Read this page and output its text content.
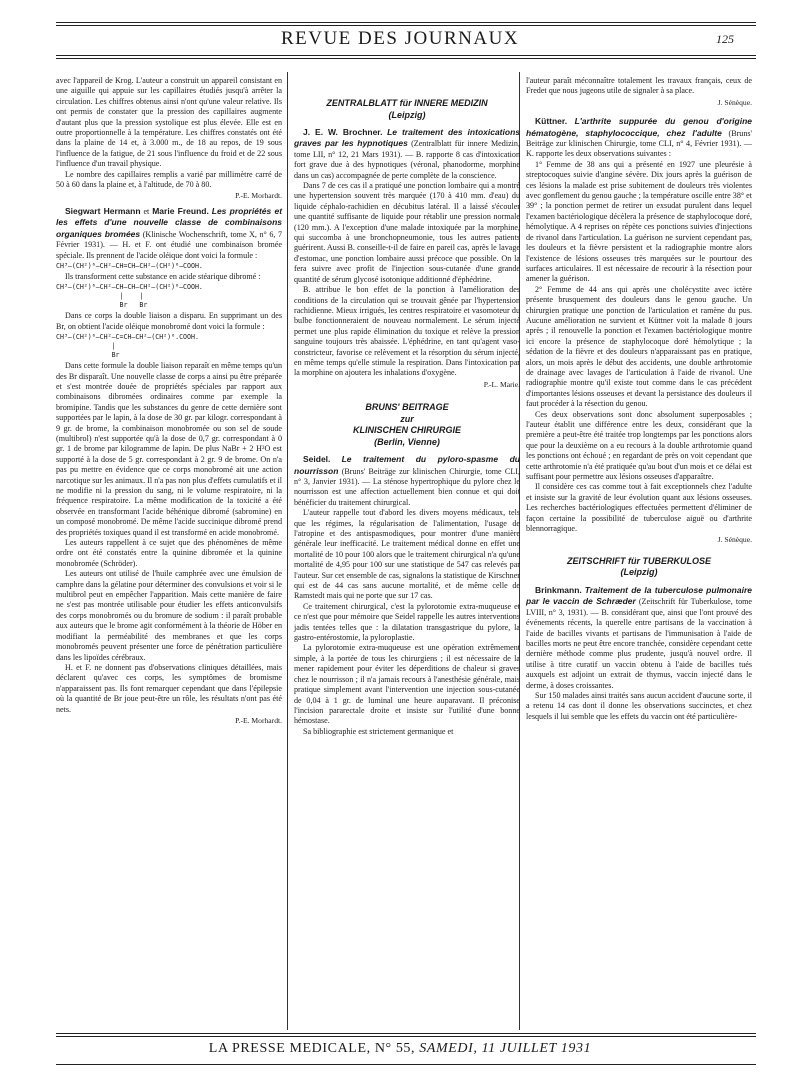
REVUE DES JOURNAUX	125

avec l'appareil de Krog. L'auteur a construit un appareil consistant en une aiguille qui appuie sur les capillaires étudiés jusqu'à arrêter la circulation. Les chiffres obtenus ainsi n'ont qu'une valeur relative. Ils ont permis de constater que la pression des capillaires augmente d'autant plus que la pression systolique est plus élevée. Elle est en outre proportionnelle à la température. Les chiffres constatés ont été dans la plaine de 14 et, à 3.000 m., de 18 au repos, de 19 sous l'influence de la fatigue, de 21 sous l'influence du froid et de 22 sous l'influence d'un travail physique.

Le nombre des capillaires remplis a varié par millimètre carré de 50 à 60 dans la plaine et, à l'altitude, de 70 à 80.

P.-E. Morhardt.

Siegwart Hermann et Marie Freund. Les propriétés et les effets d'une nouvelle classe de combinaisons organiques bromées (Klinische Wochenschrift, tome X, n° 6, 7 Février 1931). — H. et F. ont étudié une combinaison bromée spéciale. Ils prennent de l'acide oléique dont voici la formule :

CH³—(CH²)⁶—CH²—CH=CH—CH²—(CH²)⁶—COOH.

Ils transforment cette substance en acide stéarique dibromé :

CH³—(CH²)⁶—CH²—CH—CH—CH²—(CH²)⁶—COOH.
|    |
Br   Br

Dans ce corps la double liaison a disparu. En supprimant un des Br, on obtient l'acide oléique monobromé dont voici la formule :

CH³—(CH²)⁶—CH²—C=CH—CH²—(CH²)⁶.COOH.
|
Br

Dans cette formule la double liaison reparaît en même temps qu'un des Br disparaît. Une nouvelle classe de corps a ainsi pu être préparée et s'est montrée douée de propriétés spéciales par rapport aux combinaisons dibromées ordinaires comme par exemple la bromipine. Tandis que les substances du genre de cette dernière sont supportées par le lapin, à la dose de 30 gr. par kilogr. correspondant à 9 gr. de brome, la combinaison monobromée ou son sel de soude (multibrol) n'est supportée qu'à la dose de 0,7 gr. correspondant à 0 gr. 1 de brome par kilogramme de lapin. De plus NaBr + 2 H²O est supporté à la dose de 5 gr. correspondant à 2 gr. 9 de brome. On n'a pas pu mettre en évidence que ce corps monobromé ait une action narcotique sur les animaux. Il n'a pas non plus d'effets cumulatifs et il ne modifie ni la pression du sang, ni le volume respiratoire, ni la fréquence respiratoire. La même modification de la toxicité a été observée en transformant l'acide béhénique dibromé (sabromine) en un composé monobromé. De même l'acide succinique dibromé prend des propriétés toxiques quand il est transformé en acide monobromé.

Les auteurs rappellent à ce sujet que des phénomènes de même ordre ont été constatés entre la quinine dibromée et la quinine monobromée (Schröder).

Les auteurs ont utilisé de l'huile camphrée avec une émulsion de camphre dans la gélatine pour déterminer des convulsions et voir si le multibrol peut en empêcher l'apparition. Mais cette manière de faire ne s'est pas montrée utilisable pour étudier les effets anticonvulsifs des corps monobromés ou du bromure de sodium : il paraît probable aux auteurs que le brome agit conformément à la théorie de Höber en modifiant la perméabilité des membranes et que les corps monobromés peuvent présenter une force de pénétration particulière dans les lipoïdes cérébraux.

H. et F. ne donnent pas d'observations cliniques détaillées, mais déclarent qu'avec ces corps, les symptômes de bromisme n'apparaissent pas. Ils font remarquer cependant que dans l'épilepsie où la quantité de Br joue peut-être un rôle, les résultats n'ont pas été nets.

P.-E. Morhardt.
ZENTRALBLATT für INNERE MEDIZIN
(Leipzig)

J. E. W. Brochner. Le traitement des intoxications graves par les hypnotiques (Zentralblatt für innere Medizin, tome LII, n° 12, 21 Mars 1931). — B. rapporte 8 cas d'intoxication fort grave due à des hypnotiques (véronal, phanodorme, morphine dans un cas) accompagnée de perte complète de la conscience.

Dans 7 de ces cas il a pratiqué une ponction lombaire qui a montré une hypertension souvent très marquée (170 à 410 mm. d'eau) du liquide céphalo-rachidien en décubitus latéral. Il a laissé s'écouler une quantité suffisante de liquide pour rétablir une pression normale (120 mm.). A l'exception d'une malade intoxiquée par la morphine, qui succomba à une bronchopneumonie, tous les autres patients guérirent. Aussi B. conseille-t-il de faire en pareil cas, après le lavage d'estomac, une ponction lombaire aussi précoce que possible. On la fera suivre avec profit de l'injection sous-cutanée d'une grande quantité de sérum glycosé isotonique additionné d'éphédrine.

B. attribue le bon effet de la ponction à l'amélioration des conditions de la circulation qui se trouvait gênée par l'hypertension rachidienne. Mieux irrigués, les centres respiratoire et vasomoteur du bulbe fonctionneraient de nouveau normalement. Le sérum injecté permet une plus rapide élimination du toxique et relève la pression sanguine toujours très abaissée. L'éphédrine, en tant qu'agent vaso-constricteur, favorise ce relèvement et la résorption du sérum injecté, en même temps qu'elle stimule la respiration. Dans l'intoxication par la morphine on ajoutera les inhalations d'oxygène.

P.-L. Marie.
BRUNS' BEITRAGE
zur
KLINISCHEN CHIRURGIE
(Berlin, Vienne)

Seidel. Le traitement du pyloro-spasme du nourrisson (Bruns' Beiträge zur klinischen Chirurgie, tome CLI, n° 3, Janvier 1931). — La sténose hypertrophique du pylore chez le nourrisson est une affection actuellement bien connue et qui doit bénéficier du traitement chirurgical.

L'auteur rappelle tout d'abord les divers moyens médicaux, tels que les régimes, la régularisation de l'alimentation, l'usage de l'atropine et des antispasmodiques, pour montrer d'une manière générale leur inefficacité. Le traitement médical donne en effet une mortalité de 10 pour 100 alors que le traitement chirurgical n'a qu'une mortalité de 4,95 pour 100 sur une statistique de 547 cas relevés par l'auteur. Sur cet ensemble de cas, signalons la statistique de Kirschner qui est de 44 cas sans aucune mortalité, et de même celle de Ramstedt mais qui ne porte que sur 17 cas.

Ce traitement chirurgical, c'est la pylorotomie extra-muqueuse et ce n'est que pour mémoire que Seidel rappelle les autres interventions jadis tentées telles que : la dilatation transgastrique du pylore, la gastro-entérostomie, la pyloroplastie.

La pylorotomie extra-muqueuse est une opération extrêmement simple, à la portée de tous les chirurgiens ; il est nécessaire de la mener rapidement pour éviter les déperditions de chaleur si graves chez le nourrisson ; il n'a jamais recours à l'anesthésie générale, mais pratique simplement avant l'intervention une injection sous-cutanée de 0,04 à 1 gr. de luminal une heure auparavant. Il préconise l'incision pararectale droite et insiste sur l'utilité d'une bonne hémostase.

Sa bibliographie est strictement germanique et

l'auteur paraît méconnaître totalement les travaux français, ceux de Fredet que nous jugeons utile de signaler à sa place.

J. Sénèque.

Küttner. L'arthrite suppurée du genou d'origine hématogène, staphylococcique, chez l'adulte (Bruns' Beiträge zur klinischen Chirurgie, tome CLI, n° 4, Février 1931). — K. rapporte les deux observations suivantes :

1° Femme de 38 ans qui a présenté en 1927 une pleurésie à streptocoques suivie d'angine sévère. Dix jours après la guérison de ces lésions la malade est prise subitement de douleurs très violentes avec gonflement du genou gauche ; la température oscille entre 38° et 39° ; la ponction permet de retirer un exsudat purulent dans lequel l'examen bactériologique décèlera la présence de staphylocoque doré, hémolytique. A 4 reprises on répète ces ponctions suivies d'injections de rivanol dans l'articulation. La guérison ne survient cependant pas, les douleurs et la fièvre persistent et la radiographie montre alors l'existence de lésions osseuses très marquées sur le pourtour des surfaces articulaires. Il est nécessaire de recourir à la résection pour amener la guérison.

2° Femme de 44 ans qui après une cholécystite avec ictère présente brusquement des douleurs dans le genou gauche. Un chirurgien pratique une ponction de l'articulation et ramène du pus. Aucune amélioration ne survient et Küttner voit la malade 8 jours après ; il renouvelle la ponction et l'examen bactériologique montre ici encore la présence de staphylocoque doré hémolytique ; la sédation de la fièvre et des douleurs n'apparaissant pas en pratique, alors, un mois après le début des accidents, une double arthrotomie de drainage avec lavages de l'articulation à l'aide de rivanol. Une radiographie montre qu'il existe tout comme dans le cas précédent d'importantes lésions osseuses et devant la persistance des douleurs il faut procéder à la résection du genou.

Ces deux observations sont donc absolument superposables ; l'auteur établit une différence entre les deux, considérant que la première a peut-être été traitée trop longtemps par les ponctions alors que pour la deuxième on a eu recours à la double arthrotomie quand les ponctions ont échoué ; en regardant de près on voit cependant que cette arthrotomie n'a été pratiquée qu'au bout d'un mois et ce délai est suffisant pour permettre aux lésions osseuses d'apparaître.

Il considère ces cas comme tout à fait exceptionnels chez l'adulte et insiste sur la gravité de leur évolution quant aux lésions osseuses. Les recherches bactériologiques effectuées permettent d'éliminer de façon certaine la possibilité de tuberculose aiguë ou d'arthrite blennorragique.

J. Sénèque.
ZEITSCHRIFT für TUBERKULOSE
(Leipzig)

Brinkmann. Traitement de la tuberculose pulmonaire par le vaccin de Schræder (Zeitschrift für Tuberkulose, tome LVIII, n° 3, 1931). — B. considérant que, ainsi que l'ont prouvé des événements récents, la querelle entre partisans de la vaccination à l'aide de bacilles vivants et partisans de l'immunisation à l'aide de bacilles morts ne peut être encore tranchée, considère cependant cette dernière méthode comme plus prudente, jusqu'à nouvel ordre. Il utilise à titre curatif un vaccin obtenu à l'aide de bacilles tués auxquels est adjoint un extrait de thymus, vaccin injecté dans le derme, à doses croissantes.

Sur 150 malades ainsi traités sans aucun accident d'aucune sorte, il a retenu 14 cas dont il donne les observations succinctes, et chez lesquels il lui semble que les effets du vaccin ont été particulière-

LA PRESSE MEDICALE, N° 55, SAMEDI, 11 JUILLET 1931
